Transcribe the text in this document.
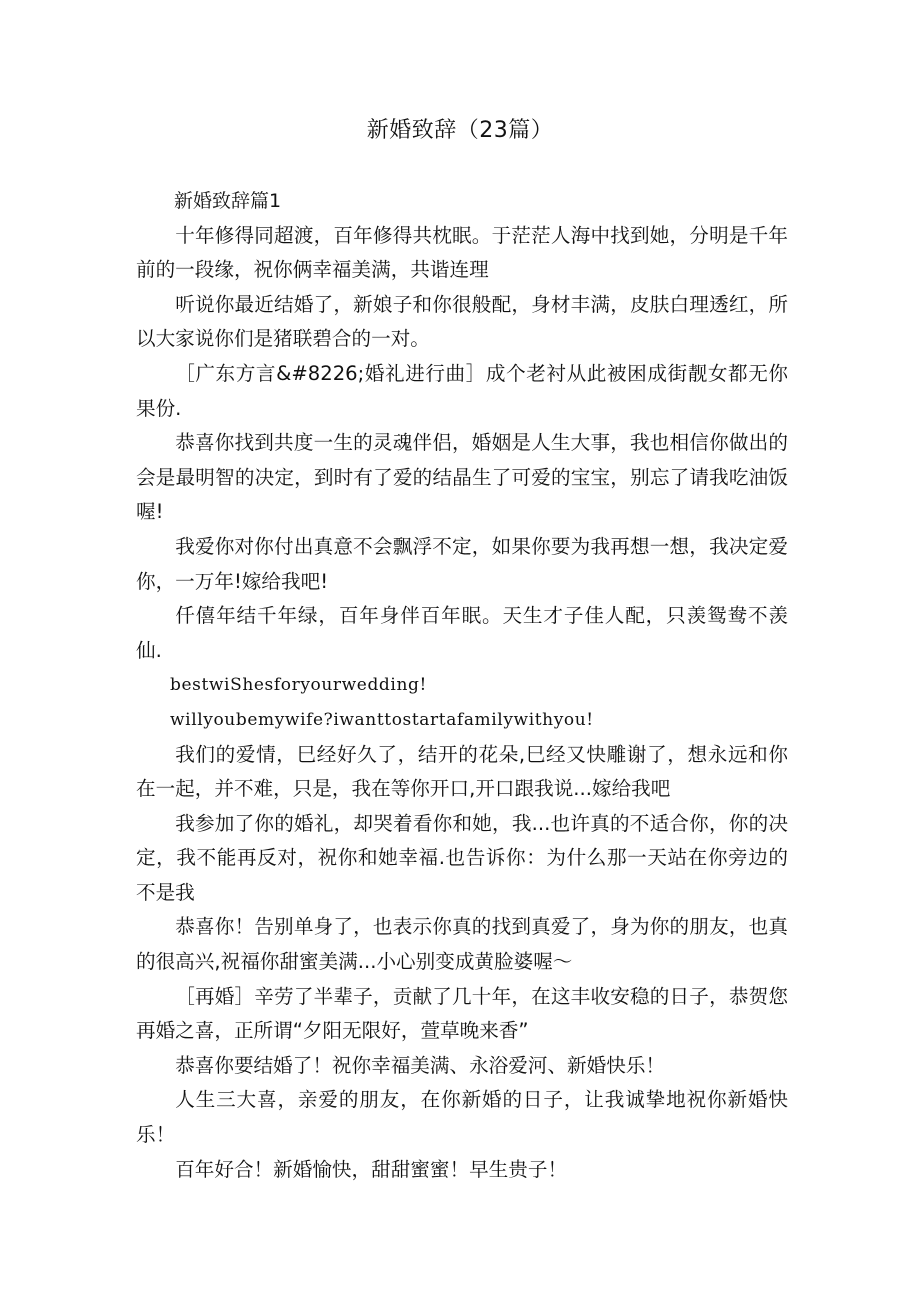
新婚致辞（23篇）

新婚致辞篇1

十年修得同超渡，百年修得共枕眠。于茫茫人海中找到她，分明是千年前的一段缘，祝你俩幸福美满，共谐连理

听说你最近结婚了，新娘子和你很般配，身材丰满，皮肤白理透红，所以大家说你们是猪联碧合的一对。

［广东方言&#8226;婚礼进行曲］成个老衬从此被困成街靓女都无你果份.

恭喜你找到共度一生的灵魂伴侣，婚姻是人生大事，我也相信你做出的会是最明智的决定，到时有了爱的结晶生了可爱的宝宝，别忘了请我吃油饭喔!

我爱你对你付出真意不会飘浮不定，如果你要为我再想一想，我决定爱你，一万年!嫁给我吧!

仟僖年结千年绿，百年身伴百年眠。天生才子佳人配，只羡鸳鸯不羡仙.

bestwiShesforyourwedding!

willyoubemywife?iwanttostartafamilywithyou!

我们的爱情，巳经好久了，结开的花朵,巳经又快雕谢了，想永远和你在一起，并不难，只是，我在等你开口,开口跟我说...嫁给我吧

我参加了你的婚礼，却哭着看你和她，我...也许真的不适合你，你的决定，我不能再反对，祝你和她幸福.也告诉你：为什么那一天站在你旁边的不是我

恭喜你！告别单身了，也表示你真的找到真爱了，身为你的朋友，也真的很高兴,祝福你甜蜜美满...小心别变成黄脸婆喔〜

［再婚］辛劳了半辈子，贡献了几十年，在这丰收安稳的日子，恭贺您再婚之喜，正所谓“夕阳无限好，萱草晚来香”

恭喜你要结婚了！祝你幸福美满、永浴爱河、新婚快乐！

人生三大喜，亲爱的朋友，在你新婚的日子，让我诚挚地祝你新婚快乐！

百年好合！新婚愉快，甜甜蜜蜜！早生贵子！
